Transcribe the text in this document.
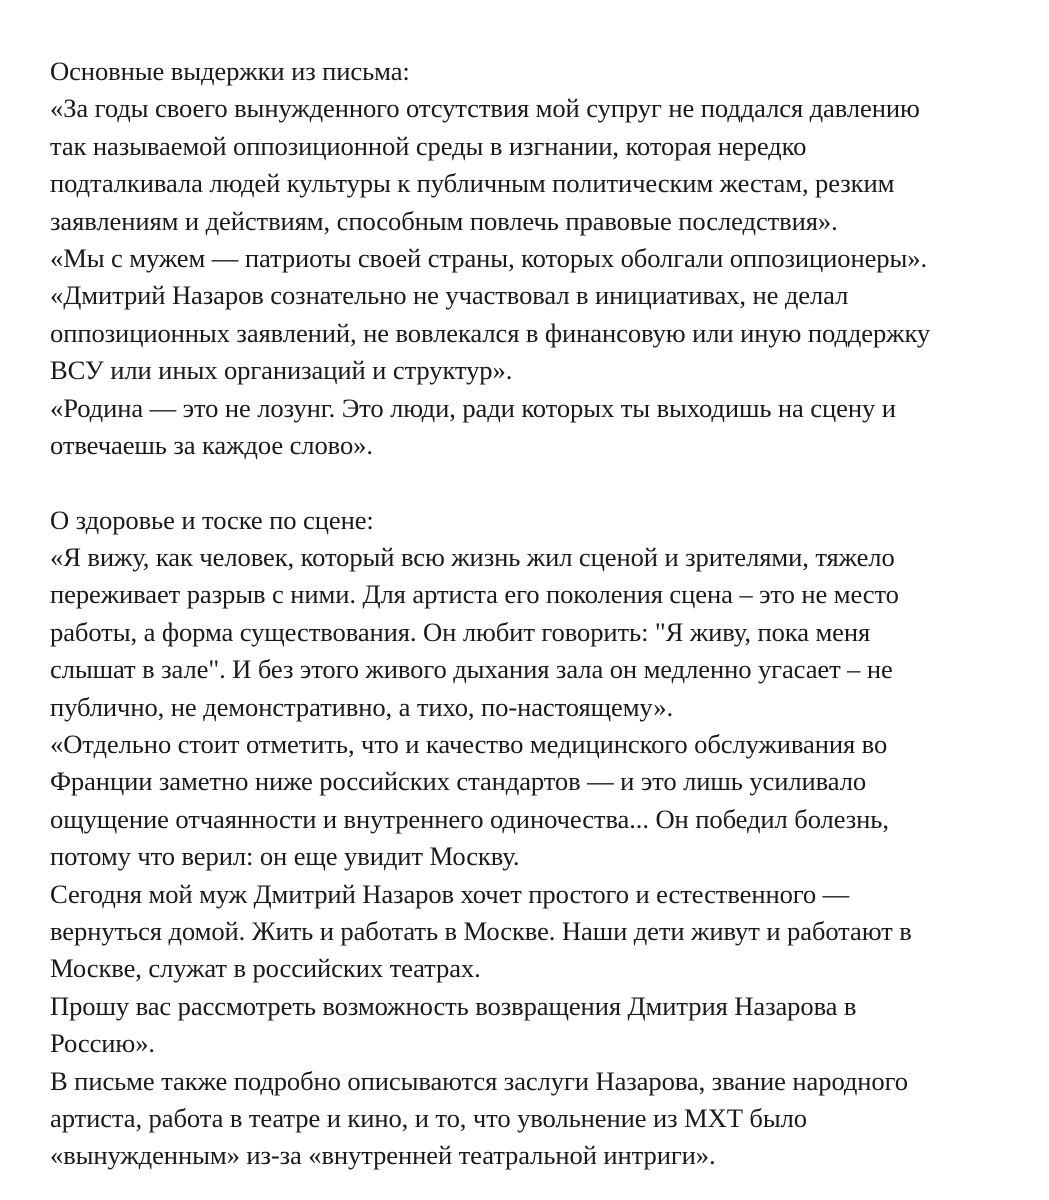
Основные выдержки из письма:
«За годы своего вынужденного отсутствия мой супруг не поддался давлению
так называемой оппозиционной среды в изгнании, которая нередко
подталкивала людей культуры к публичным политическим жестам, резким
заявлениям и действиям, способным повлечь правовые последствия».
«Мы с мужем — патриоты своей страны, которых оболгали оппозиционеры».
«Дмитрий Назаров сознательно не участвовал в инициативах, не делал
оппозиционных заявлений, не вовлекался в финансовую или иную поддержку
ВСУ или иных организаций и структур».
«Родина — это не лозунг. Это люди, ради которых ты выходишь на сцену и
отвечаешь за каждое слово».
О здоровье и тоске по сцене:
«Я вижу, как человек, который всю жизнь жил сценой и зрителями, тяжело
переживает разрыв с ними. Для артиста его поколения сцена – это не место
работы, а форма существования. Он любит говорить: "Я живу, пока меня
слышат в зале". И без этого живого дыхания зала он медленно угасает – не
публично, не демонстративно, а тихо, по-настоящему».
«Отдельно стоит отметить, что и качество медицинского обслуживания во
Франции заметно ниже российских стандартов — и это лишь усиливало
ощущение отчаянности и внутреннего одиночества... Он победил болезнь,
потому что верил: он еще увидит Москву.
Сегодня мой муж Дмитрий Назаров хочет простого и естественного —
вернуться домой. Жить и работать в Москве. Наши дети живут и работают в
Москве, служат в российских театрах.
Прошу вас рассмотреть возможность возвращения Дмитрия Назарова в
Россию».
В письме также подробно описываются заслуги Назарова, звание народного
артиста, работа в театре и кино, и то, что увольнение из МХТ было
«вынужденным» из-за «внутренней театральной интриги».
